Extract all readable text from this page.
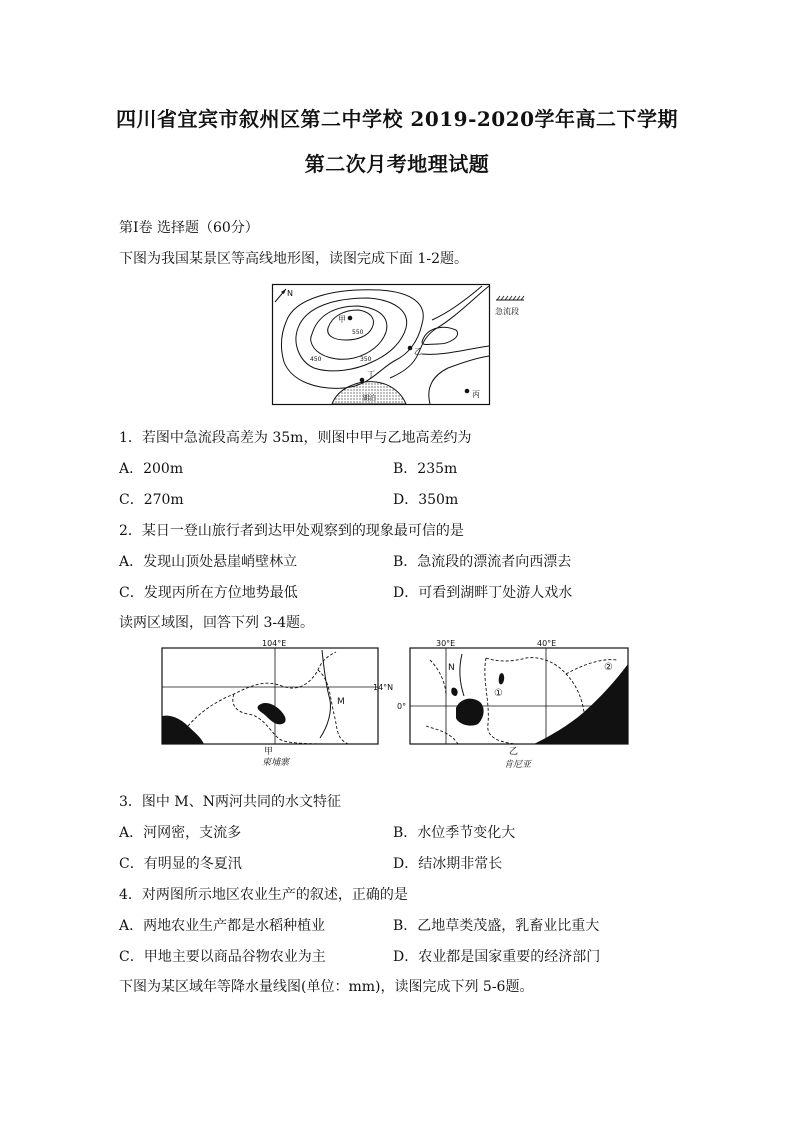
四川省宜宾市叙州区第二中学校 2019-2020学年高二下学期
第二次月考地理试题
第Ⅰ卷 选择题（60分）
下图为我国某景区等高线地形图，读图完成下面 1-2题。
N
湖泊
甲
乙
丁
丙
550
450	350
急流段
1．若图中急流段高差为 35m，则图中甲与乙地高差约为
A．200m	B．235m
C．270m	D．350m
2．某日一登山旅行者到达甲处观察到的现象最可信的是
A．发现山顶处悬崖峭壁林立	B．急流段的漂流者向西漂去
C．发现丙所在方位地势最低	D．可看到湖畔丁处游人戏水
读两区域图，回答下列 3-4题。
104°E
14°N
M
甲
柬埔寨
30°E	40°E
0°
N
①
②
乙
肯尼亚
3．图中 M、N两河共同的水文特征
A．河网密，支流多	B．水位季节变化大
C．有明显的冬夏汛	D．结冰期非常长
4．对两图所示地区农业生产的叙述，正确的是
A．两地农业生产都是水稻种植业	B．乙地草类茂盛，乳畜业比重大
C．甲地主要以商品谷物农业为主	D．农业都是国家重要的经济部门
下图为某区域年等降水量线图(单位：mm)，读图完成下列 5-6题。
